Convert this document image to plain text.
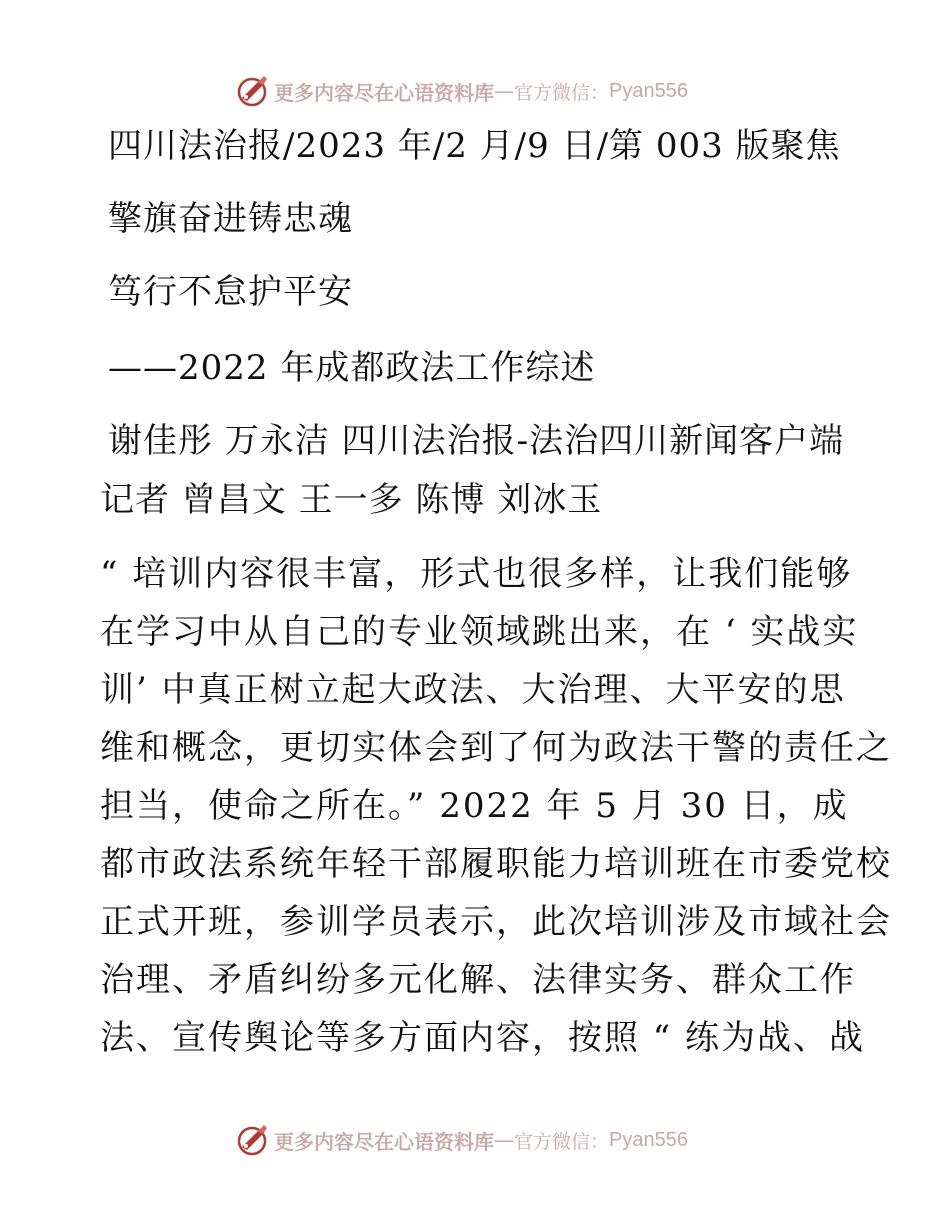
更多内容尽在心语资料库 — 官方微信： Pyan556
四川法治报/2023 年/2 月/9 日/第 003 版聚焦
擎旗奋进铸忠魂
笃行不怠护平安
——2022 年成都政法工作综述
谢佳彤 万永洁 四川法治报-法治四川新闻客户端
记者 曾昌文 王一多 陈博 刘冰玉
“ 培训内容很丰富，形式也很多样，让我们能够
在学习中从自己的专业领域跳出来，在 ‘ 实战实
训’ 中真正树立起大政法、大治理、大平安的思
维和概念，更切实体会到了何为政法干警的责任之
担当，使命之所在。” 2022 年 5 月 30 日，成
都市政法系统年轻干部履职能力培训班在市委党校
正式开班，参训学员表示，此次培训涉及市域社会
治理、矛盾纠纷多元化解、法律实务、群众工作
法、宣传舆论等多方面内容，按照 “ 练为战、战
更多内容尽在心语资料库 — 官方微信： Pyan556
